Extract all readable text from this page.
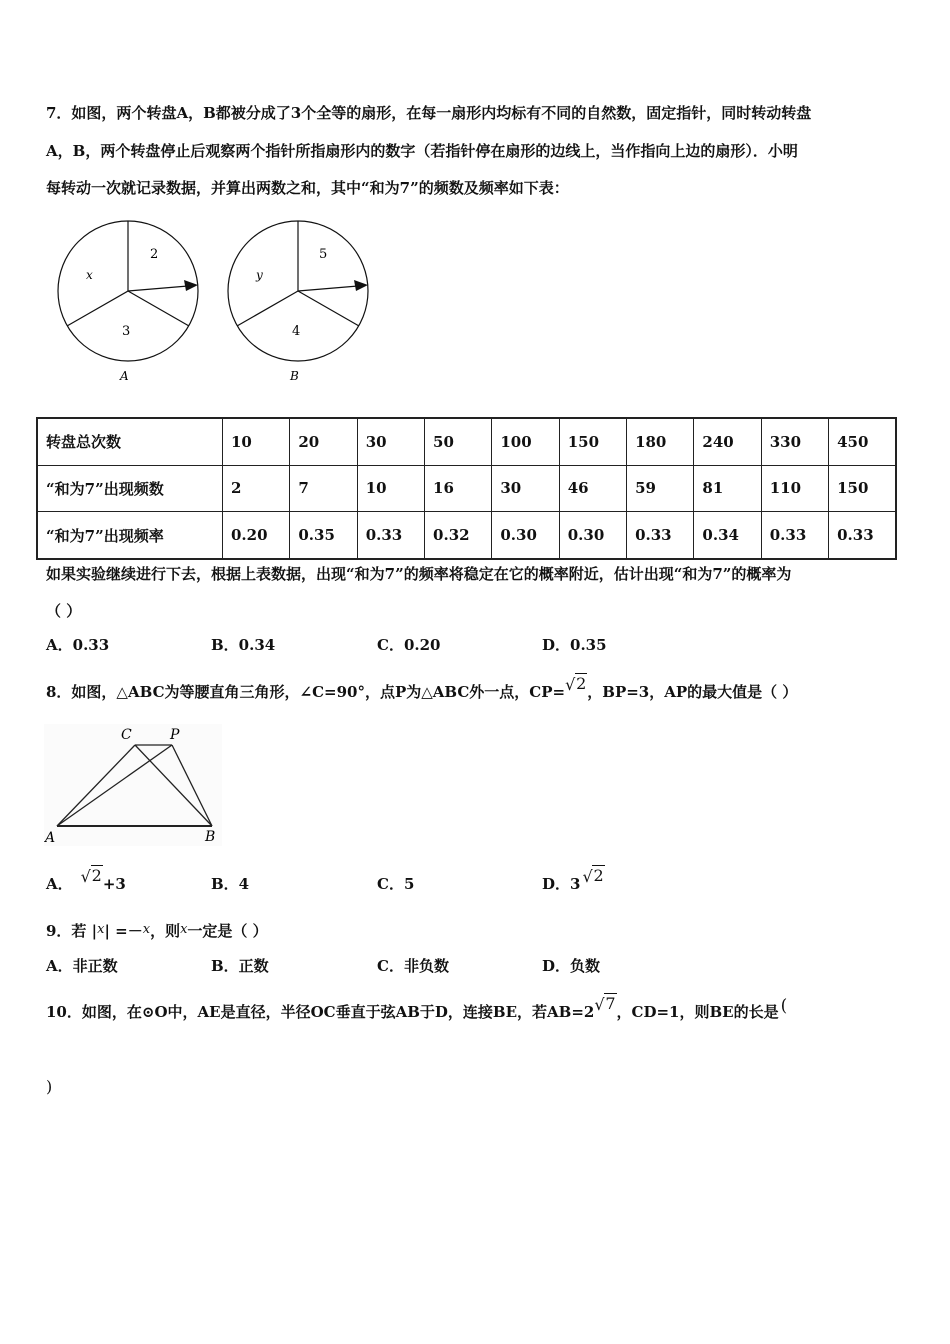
7．如图，两个转盘A，B都被分成了3个全等的扇形，在每一扇形内均标有不同的自然数，固定指针，同时转动转盘
A，B，两个转盘停止后观察两个指针所指扇形内的数字（若指针停在扇形的边线上，当作指向上边的扇形）．小明
每转动一次就记录数据，并算出两数之和，其中“和为7”的频数及频率如下表：
2
x
3
A
5
y
4
B
转盘总次数	10	20	30	50	100	150	180	240	330	450
“和为7”出现频数	2	7	10	16	30	46	59	81	110	150
“和为7”出现频率	0.20	0.35	0.33	0.32	0.30	0.30	0.33	0.34	0.33	0.33
如果实验继续进行下去，根据上表数据，出现“和为7”的频率将稳定在它的概率附近，估计出现“和为7”的概率为
（ ）
A．0.33	B．0.34	C．0.20	D．0.35
8．如图，△ABC为等腰直角三角形，∠C=90°，点P为△ABC外一点，CP= √ 2，BP=3，AP的最大值是（ ）
C	P
A	B
A． √ 2+3	B．4	C．5	D．3 √ 2
9．若 |x| =－x，则x一定是（ ）
A．非正数	B．正数	C．非负数	D．负数
10．如图，在⊙O中，AE是直径，半径OC垂直于弦AB于D，连接BE，若AB=2 √ 7，CD=1，则BE的长是 (
)
